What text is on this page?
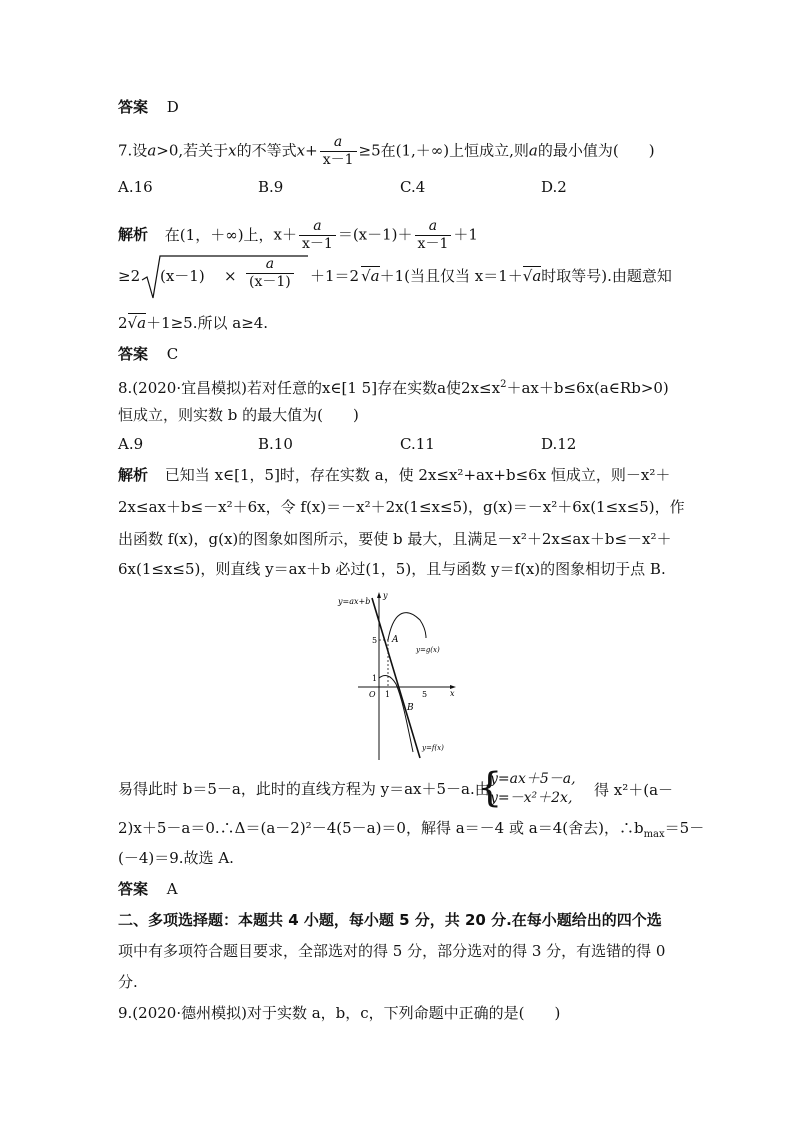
答案 D
7.设a>0,若关于x的不等式$x+ \frac{a}{x-1} \ge 5$在(1,＋∞)上恒成立,则a的最小值为(　　)
A.16	B.9	C.4	D.2
解析 在(1，＋∞)上，$x+ \frac{a}{x-1} =(x-1)+ \frac{a}{x-1} +1$
≥2 $(x-1) \times \frac{a}{(x-1)} +1=2$ √a＋1(当且仅当 x＝1＋√a时取等号).由题意知
2√a＋1≥5.所以 a≥4.
答案 C
8.(2020·宜昌模拟)若对任意的x∈[1 5]存在实数a使$2x\le x^2+ax+b\le 6x(a\in Rb>0)$
恒成立，则实数 b 的最大值为(　　)
A.9	B.10	C.11	D.12
解析 已知当 x∈[1，5]时，存在实数 a，使 2x≤x²+ax+b≤6x 恒成立，则－x²＋
2x≤ax＋b≤－x²＋6x，令 f(x)＝－x²＋2x(1≤x≤5)，g(x)＝－x²＋6x(1≤x≤5)，作
出函数 f(x)，g(x)的图象如图所示，要使 b 最大，且满足－x²＋2x≤ax＋b≤－x²＋
6x(1≤x≤5)，则直线 y＝ax＋b 必过(1，5)，且与函数 y＝f(x)的图象相切于点 B.
y=ax+b
y
x
O 1	5
1
5 A
B
y=g(x)
y=f(x)
易得此时 b＝5－a，此时的直线方程为 y＝ax＋5－a.由
{
y=ax＋5－a,
y=－x²＋2x, 得 x²＋(a－
2)x＋5－a＝0.∴Δ＝(a－2)²－4(5－a)＝0，解得 a＝－4 或 a＝4(舍去)，$\therefore b_{max}=5-$
(－4)＝9.故选 A.
答案 A
二、多项选择题：本题共 4 小题，每小题 5 分，共 20 分.在每小题给出的四个选
项中有多项符合题目要求，全部选对的得 5 分，部分选对的得 3 分，有选错的得 0
分.
9.(2020·德州模拟)对于实数 a，b，c，下列命题中正确的是(　　)
